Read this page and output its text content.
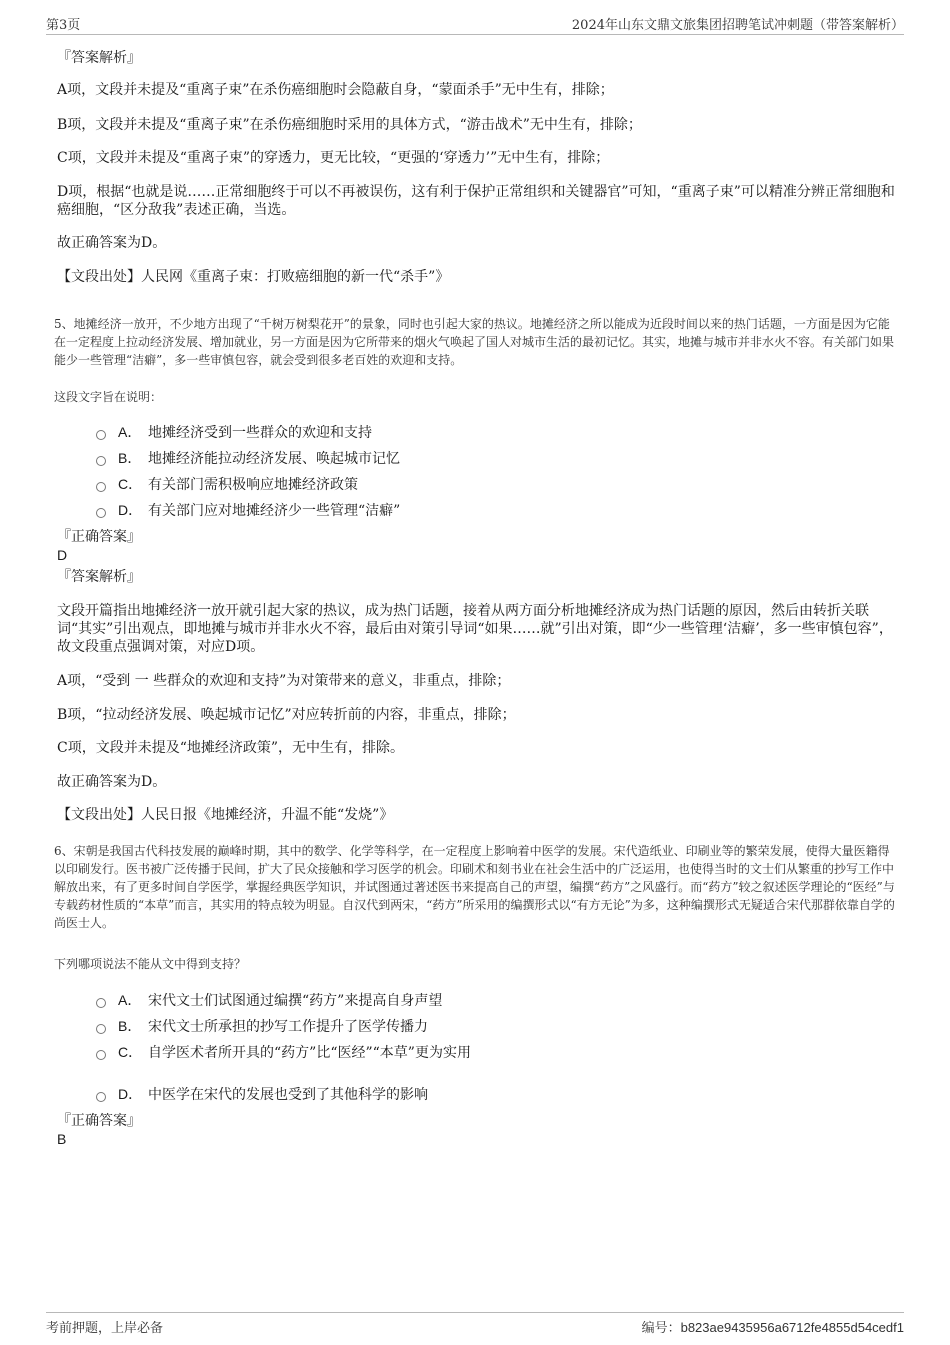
第3页	2024年山东文鼎文旅集团招聘笔试冲刺题（带答案解析）
『答案解析』

A项，文段并未提及“重离子束”在杀伤癌细胞时会隐蔽自身，“蒙面杀手”无中生有，排除；

B项，文段并未提及“重离子束”在杀伤癌细胞时采用的具体方式，“游击战术”无中生有，排除；

C项，文段并未提及“重离子束”的穿透力，更无比较，“更强的‘穿透力’”无中生有，排除；

D项，根据“也就是说……正常细胞终于可以不再被误伤，这有利于保护正常组织和关键器官”可知，“重离子束”可以精准分辨正常细胞和癌细胞，“区分敌我”表述正确，当选。

故正确答案为D。

【文段出处】人民网《重离子束：打败癌细胞的新一代“杀手”》

5、地摊经济一放开，不少地方出现了“千树万树梨花开”的景象，同时也引起大家的热议。地摊经济之所以能成为近段时间以来的热门话题，一方面是因为它能在一定程度上拉动经济发展、增加就业，另一方面是因为它所带来的烟火气唤起了国人对城市生活的最初记忆。其实，地摊与城市并非水火不容。有关部门如果能少一些管理“洁癖”，多一些审慎包容，就会受到很多老百姓的欢迎和支持。

这段文字旨在说明：

A． 地摊经济受到一些群众的欢迎和支持
B． 地摊经济能拉动经济发展、唤起城市记忆
C． 有关部门需积极响应地摊经济政策
D． 有关部门应对地摊经济少一些管理“洁癖”
『正确答案』
D
『答案解析』

文段开篇指出地摊经济一放开就引起大家的热议，成为热门话题，接着从两方面分析地摊经济成为热门话题的原因，然后由转折关联词“其实”引出观点，即地摊与城市并非水火不容，最后由对策引导词“如果……就”引出对策，即“少一些管理‘洁癖’，多一些审慎包容”，故文段重点强调对策，对应D项。

A项，“受到 一 些群众的欢迎和支持”为对策带来的意义，非重点，排除；

B项，“拉动经济发展、唤起城市记忆”对应转折前的内容，非重点，排除；

C项，文段并未提及“地摊经济政策”，无中生有，排除。

故正确答案为D。

【文段出处】人民日报《地摊经济，升温不能“发烧”》

6、宋朝是我国古代科技发展的巅峰时期，其中的数学、化学等科学，在一定程度上影响着中医学的发展。宋代造纸业、印刷业等的繁荣发展，使得大量医籍得以印刷发行。医书被广泛传播于民间，扩大了民众接触和学习医学的机会。印刷术和刻书业在社会生活中的广泛运用，也使得当时的文士们从繁重的抄写工作中解放出来，有了更多时间自学医学，掌握经典医学知识，并试图通过著述医书来提高自己的声望，编撰“药方”之风盛行。而“药方”较之叙述医学理论的“医经”与专载药材性质的“本草”而言，其实用的特点较为明显。自汉代到两宋，“药方”所采用的编撰形式以“有方无论”为多，这种编撰形式无疑适合宋代那群依靠自学的尚医士人。

下列哪项说法不能从文中得到支持？

A． 宋代文士们试图通过编撰“药方”来提高自身声望
B． 宋代文士所承担的抄写工作提升了医学传播力
C． 自学医术者所开具的“药方”比“医经”“本草”更为实用
D． 中医学在宋代的发展也受到了其他科学的影响
『正确答案』
B
考前押题，上岸必备	编号：b823ae9435956a6712fe4855d54cedf1
